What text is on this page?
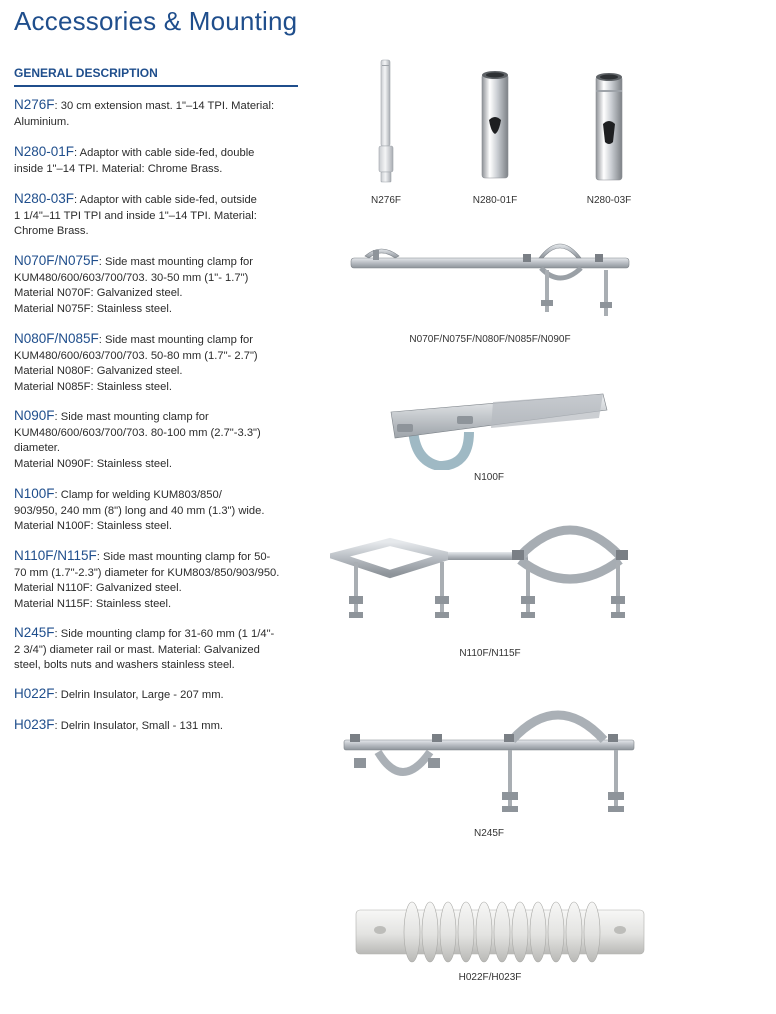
Accessories & Mounting
GENERAL DESCRIPTION

N276F: 30 cm extension mast. 1"–14 TPI. Material:
Aluminium.

N280-01F: Adaptor with cable side-fed, double
inside 1"–14 TPI. Material: Chrome Brass.

N280-03F: Adaptor with cable side-fed, outside
1 1/4"–11 TPI TPI and inside 1"–14 TPI. Material:
Chrome Brass.

N070F/N075F: Side mast mounting clamp for
KUM480/600/603/700/703. 30-50 mm (1"- 1.7")
Material N070F: Galvanized steel.
Material N075F: Stainless steel.

N080F/N085F: Side mast mounting clamp for
KUM480/600/603/700/703. 50-80 mm (1.7"- 2.7")
Material N080F: Galvanized steel.
Material N085F: Stainless steel.

N090F: Side mast mounting clamp for
KUM480/600/603/700/703. 80-100 mm (2.7"-3.3")
diameter.
Material N090F: Stainless steel.

N100F: Clamp for welding KUM803/850/
903/950, 240 mm (8") long and 40 mm (1.3") wide.
Material N100F: Stainless steel.

N110F/N115F: Side mast mounting clamp for 50-
70 mm (1.7"-2.3") diameter for KUM803/850/903/950.
Material N110F: Galvanized steel.
Material N115F: Stainless steel.

N245F: Side mounting clamp for 31-60 mm (1 1/4"-
2 3/4") diameter rail or mast. Material: Galvanized
steel, bolts nuts and washers stainless steel.

H022F: Delrin Insulator, Large - 207 mm.

H023F: Delrin Insulator, Small - 131 mm.

N276F	N280-01F	N280-03F
N070F/N075F/N080F/N085F/N090F
N100F
N110F/N115F
N245F
H022F/H023F
